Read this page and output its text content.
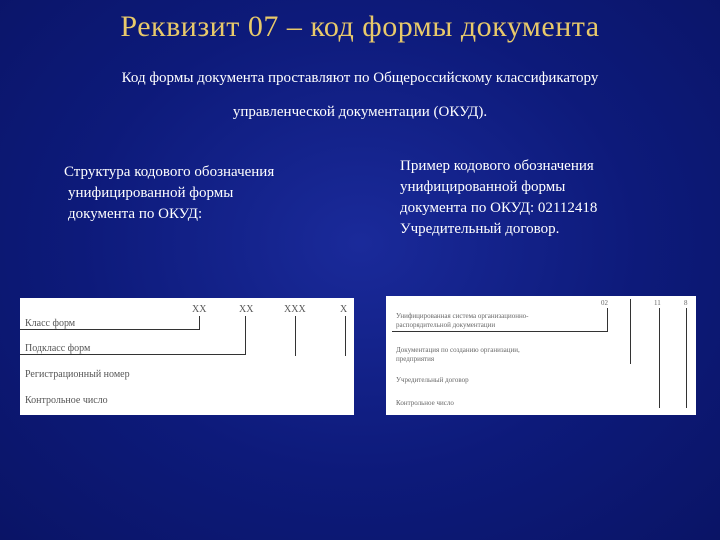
Реквизит 07 – код формы документа
Код формы документа проставляют по Общероссийскому классификатору
управленческой документации (ОКУД).
Структура кодового обозначения
унифицированной формы
документа по ОКУД:
Пример кодового обозначения
унифицированной формы
документа по ОКУД: 02112418
Учредительный договор.
ХХ	ХХ	ХХХ	Х
Класс форм
Подкласс форм
Регистрационный номер
Контрольное число
02	11	8
Унифицированная система организационно-
распорядительной документации
Документация по созданию организации,
предприятия
Учредительный договор
Контрольное число
